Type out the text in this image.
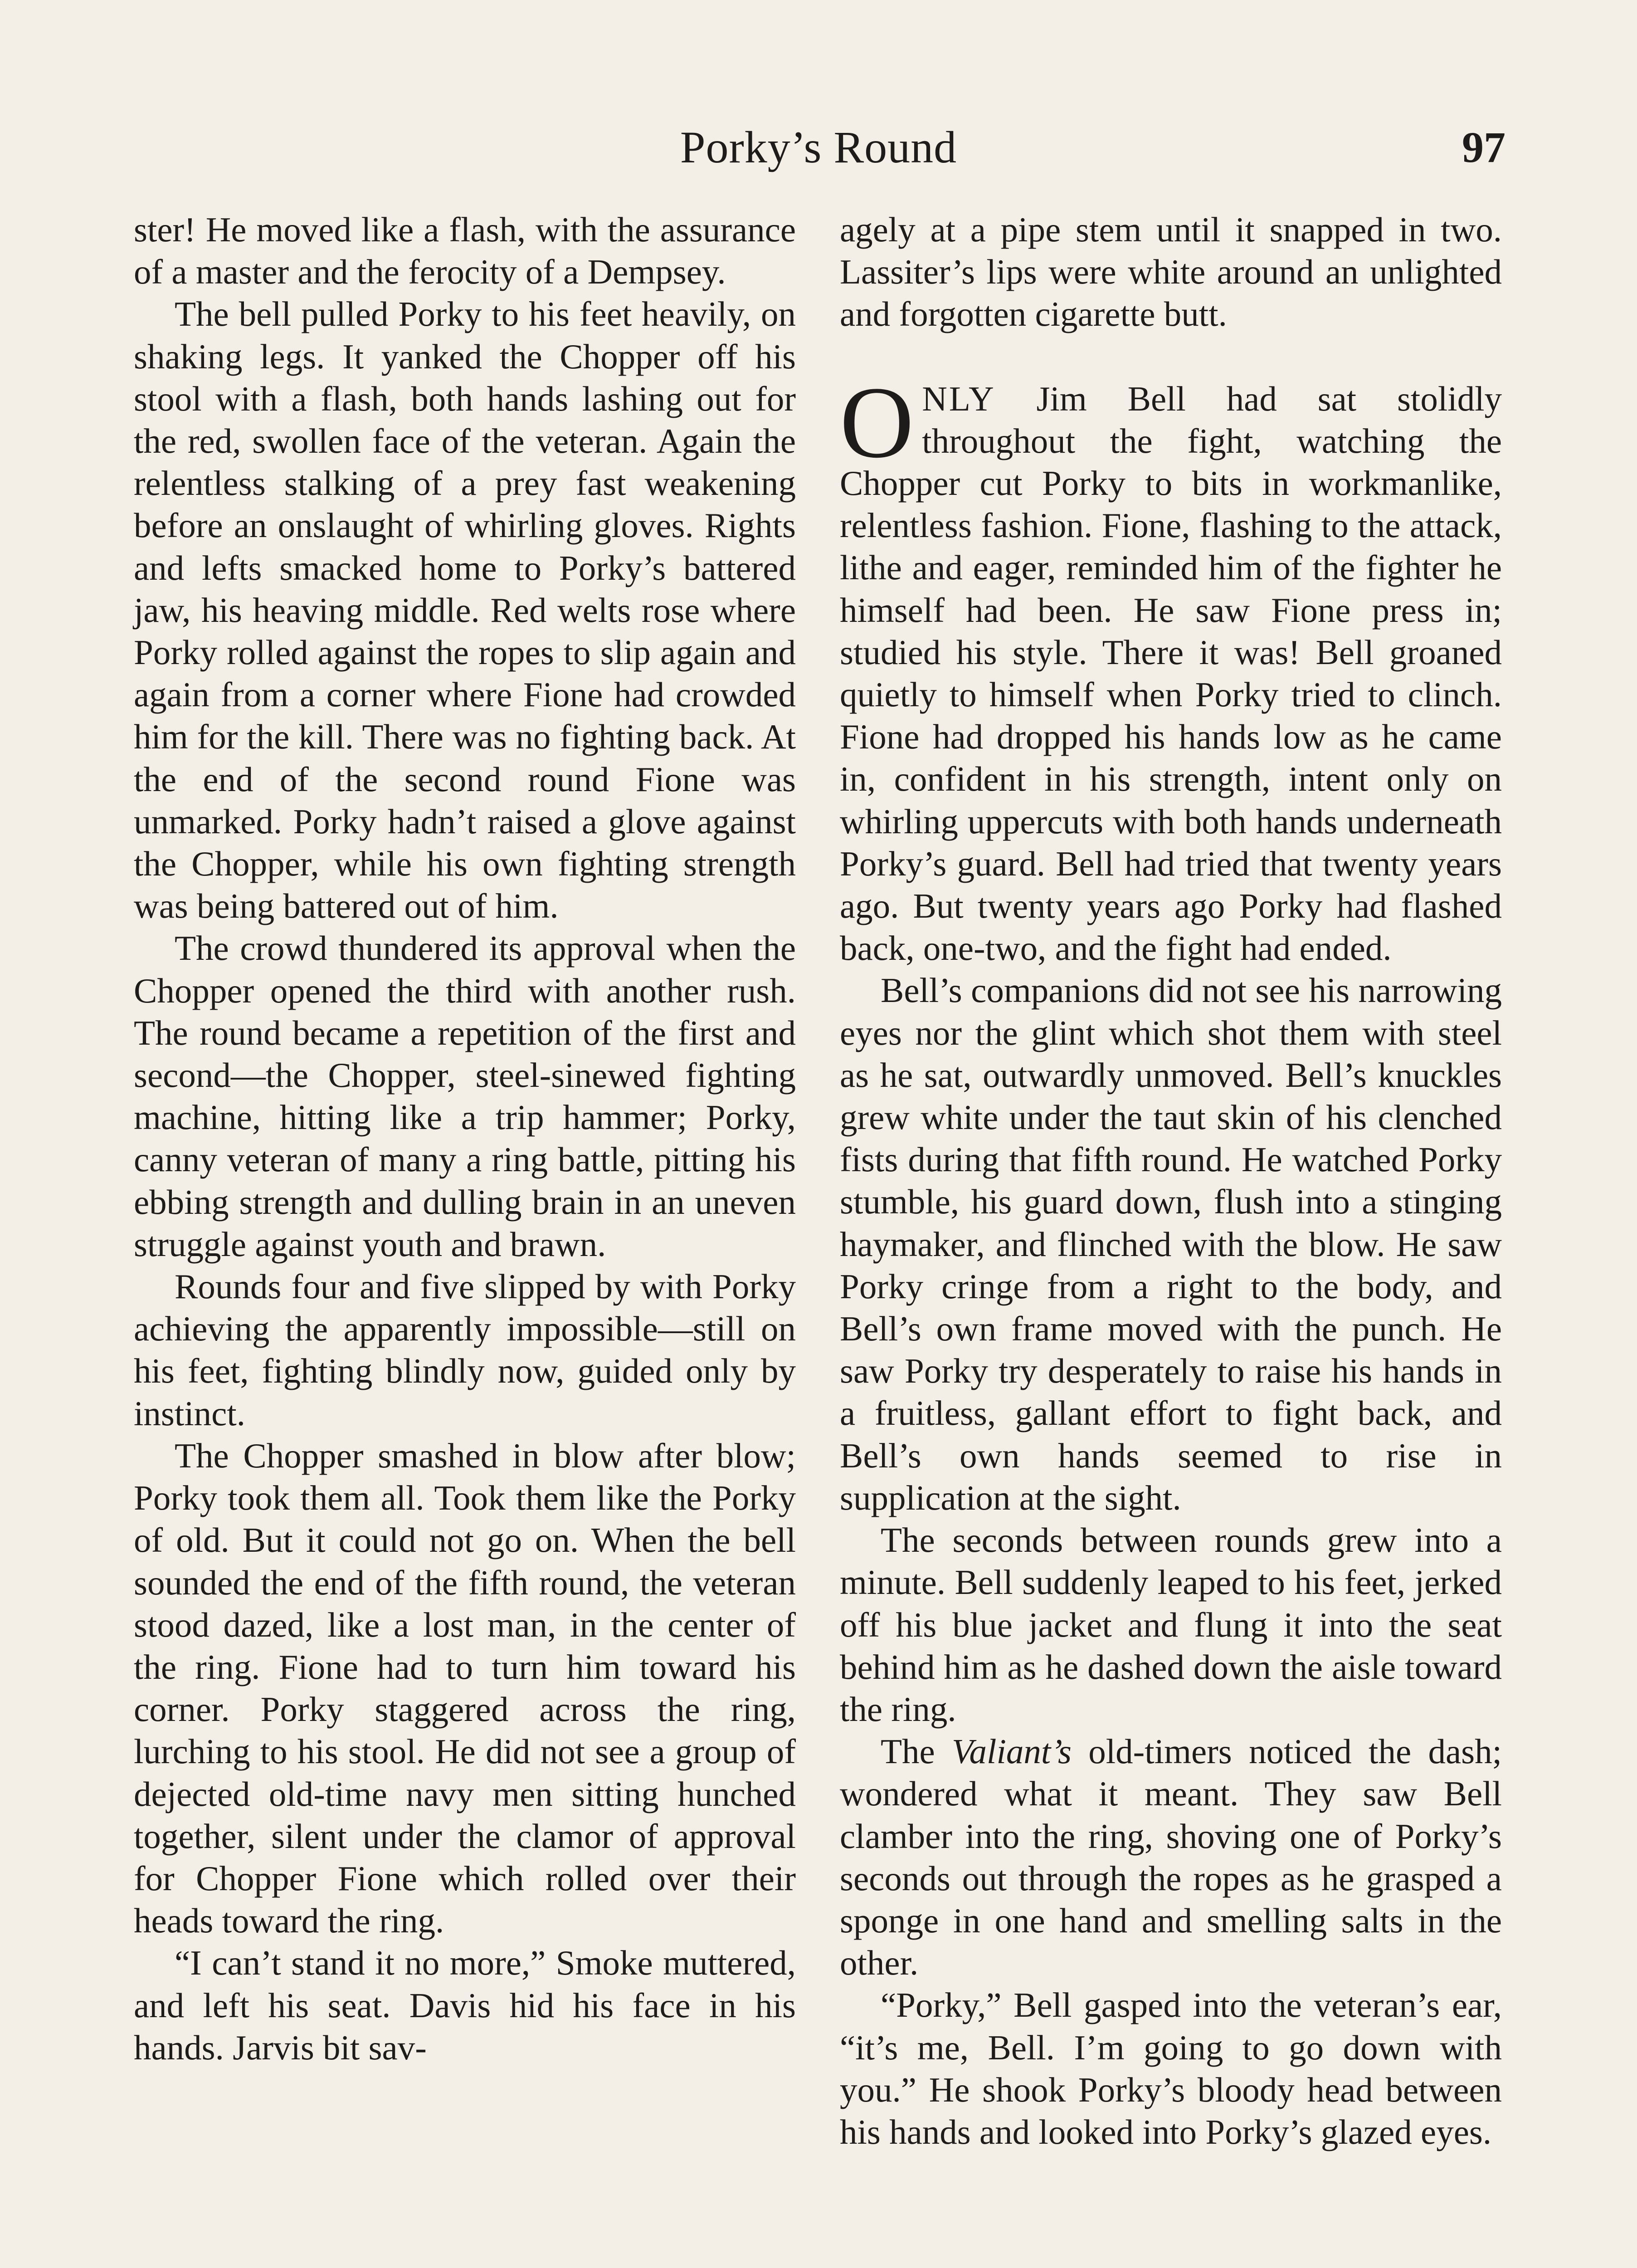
Porky’s Round	97

ster! He moved like a flash, with the assurance of a master and the ferocity of a Dempsey.

The bell pulled Porky to his feet heavily, on shaking legs. It yanked the Chopper off his stool with a flash, both hands lashing out for the red, swollen face of the veteran. Again the relentless stalking of a prey fast weakening before an onslaught of whirling gloves. Rights and lefts smacked home to Porky’s battered jaw, his heaving middle. Red welts rose where Porky rolled against the ropes to slip again and again from a corner where Fione had crowded him for the kill. There was no fighting back. At the end of the second round Fione was unmarked. Porky hadn’t raised a glove against the Chopper, while his own fighting strength was being battered out of him.

The crowd thundered its approval when the Chopper opened the third with another rush. The round became a repetition of the first and second—the Chopper, steel-sinewed fighting machine, hitting like a trip hammer; Porky, canny veteran of many a ring battle, pitting his ebbing strength and dulling brain in an uneven struggle against youth and brawn.

Rounds four and five slipped by with Porky achieving the apparently impossible—still on his feet, fighting blindly now, guided only by instinct.

The Chopper smashed in blow after blow; Porky took them all. Took them like the Porky of old. But it could not go on. When the bell sounded the end of the fifth round, the veteran stood dazed, like a lost man, in the center of the ring. Fione had to turn him toward his corner. Porky staggered across the ring, lurching to his stool. He did not see a group of dejected old-time navy men sitting hunched together, silent under the clamor of approval for Chopper Fione which rolled over their heads toward the ring.

“I can’t stand it no more,” Smoke muttered, and left his seat. Davis hid his face in his hands. Jarvis bit sav-

agely at a pipe stem until it snapped in two. Lassiter’s lips were white around an unlighted and forgotten cigarette butt.

ONLY Jim Bell had sat stolidly throughout the fight, watching the Chopper cut Porky to bits in workmanlike, relentless fashion. Fione, flashing to the attack, lithe and eager, reminded him of the fighter he himself had been. He saw Fione press in; studied his style. There it was! Bell groaned quietly to himself when Porky tried to clinch. Fione had dropped his hands low as he came in, confident in his strength, intent only on whirling uppercuts with both hands underneath Porky’s guard. Bell had tried that twenty years ago. But twenty years ago Porky had flashed back, one-two, and the fight had ended.

Bell’s companions did not see his narrowing eyes nor the glint which shot them with steel as he sat, outwardly unmoved. Bell’s knuckles grew white under the taut skin of his clenched fists during that fifth round. He watched Porky stumble, his guard down, flush into a stinging haymaker, and flinched with the blow. He saw Porky cringe from a right to the body, and Bell’s own frame moved with the punch. He saw Porky try desperately to raise his hands in a fruitless, gallant effort to fight back, and Bell’s own hands seemed to rise in supplication at the sight.

The seconds between rounds grew into a minute. Bell suddenly leaped to his feet, jerked off his blue jacket and flung it into the seat behind him as he dashed down the aisle toward the ring.

The Valiant’s old-timers noticed the dash; wondered what it meant. They saw Bell clamber into the ring, shoving one of Porky’s seconds out through the ropes as he grasped a sponge in one hand and smelling salts in the other.

“Porky,” Bell gasped into the veteran’s ear, “it’s me, Bell. I’m going to go down with you.” He shook Porky’s bloody head between his hands and looked into Porky’s glazed eyes.
